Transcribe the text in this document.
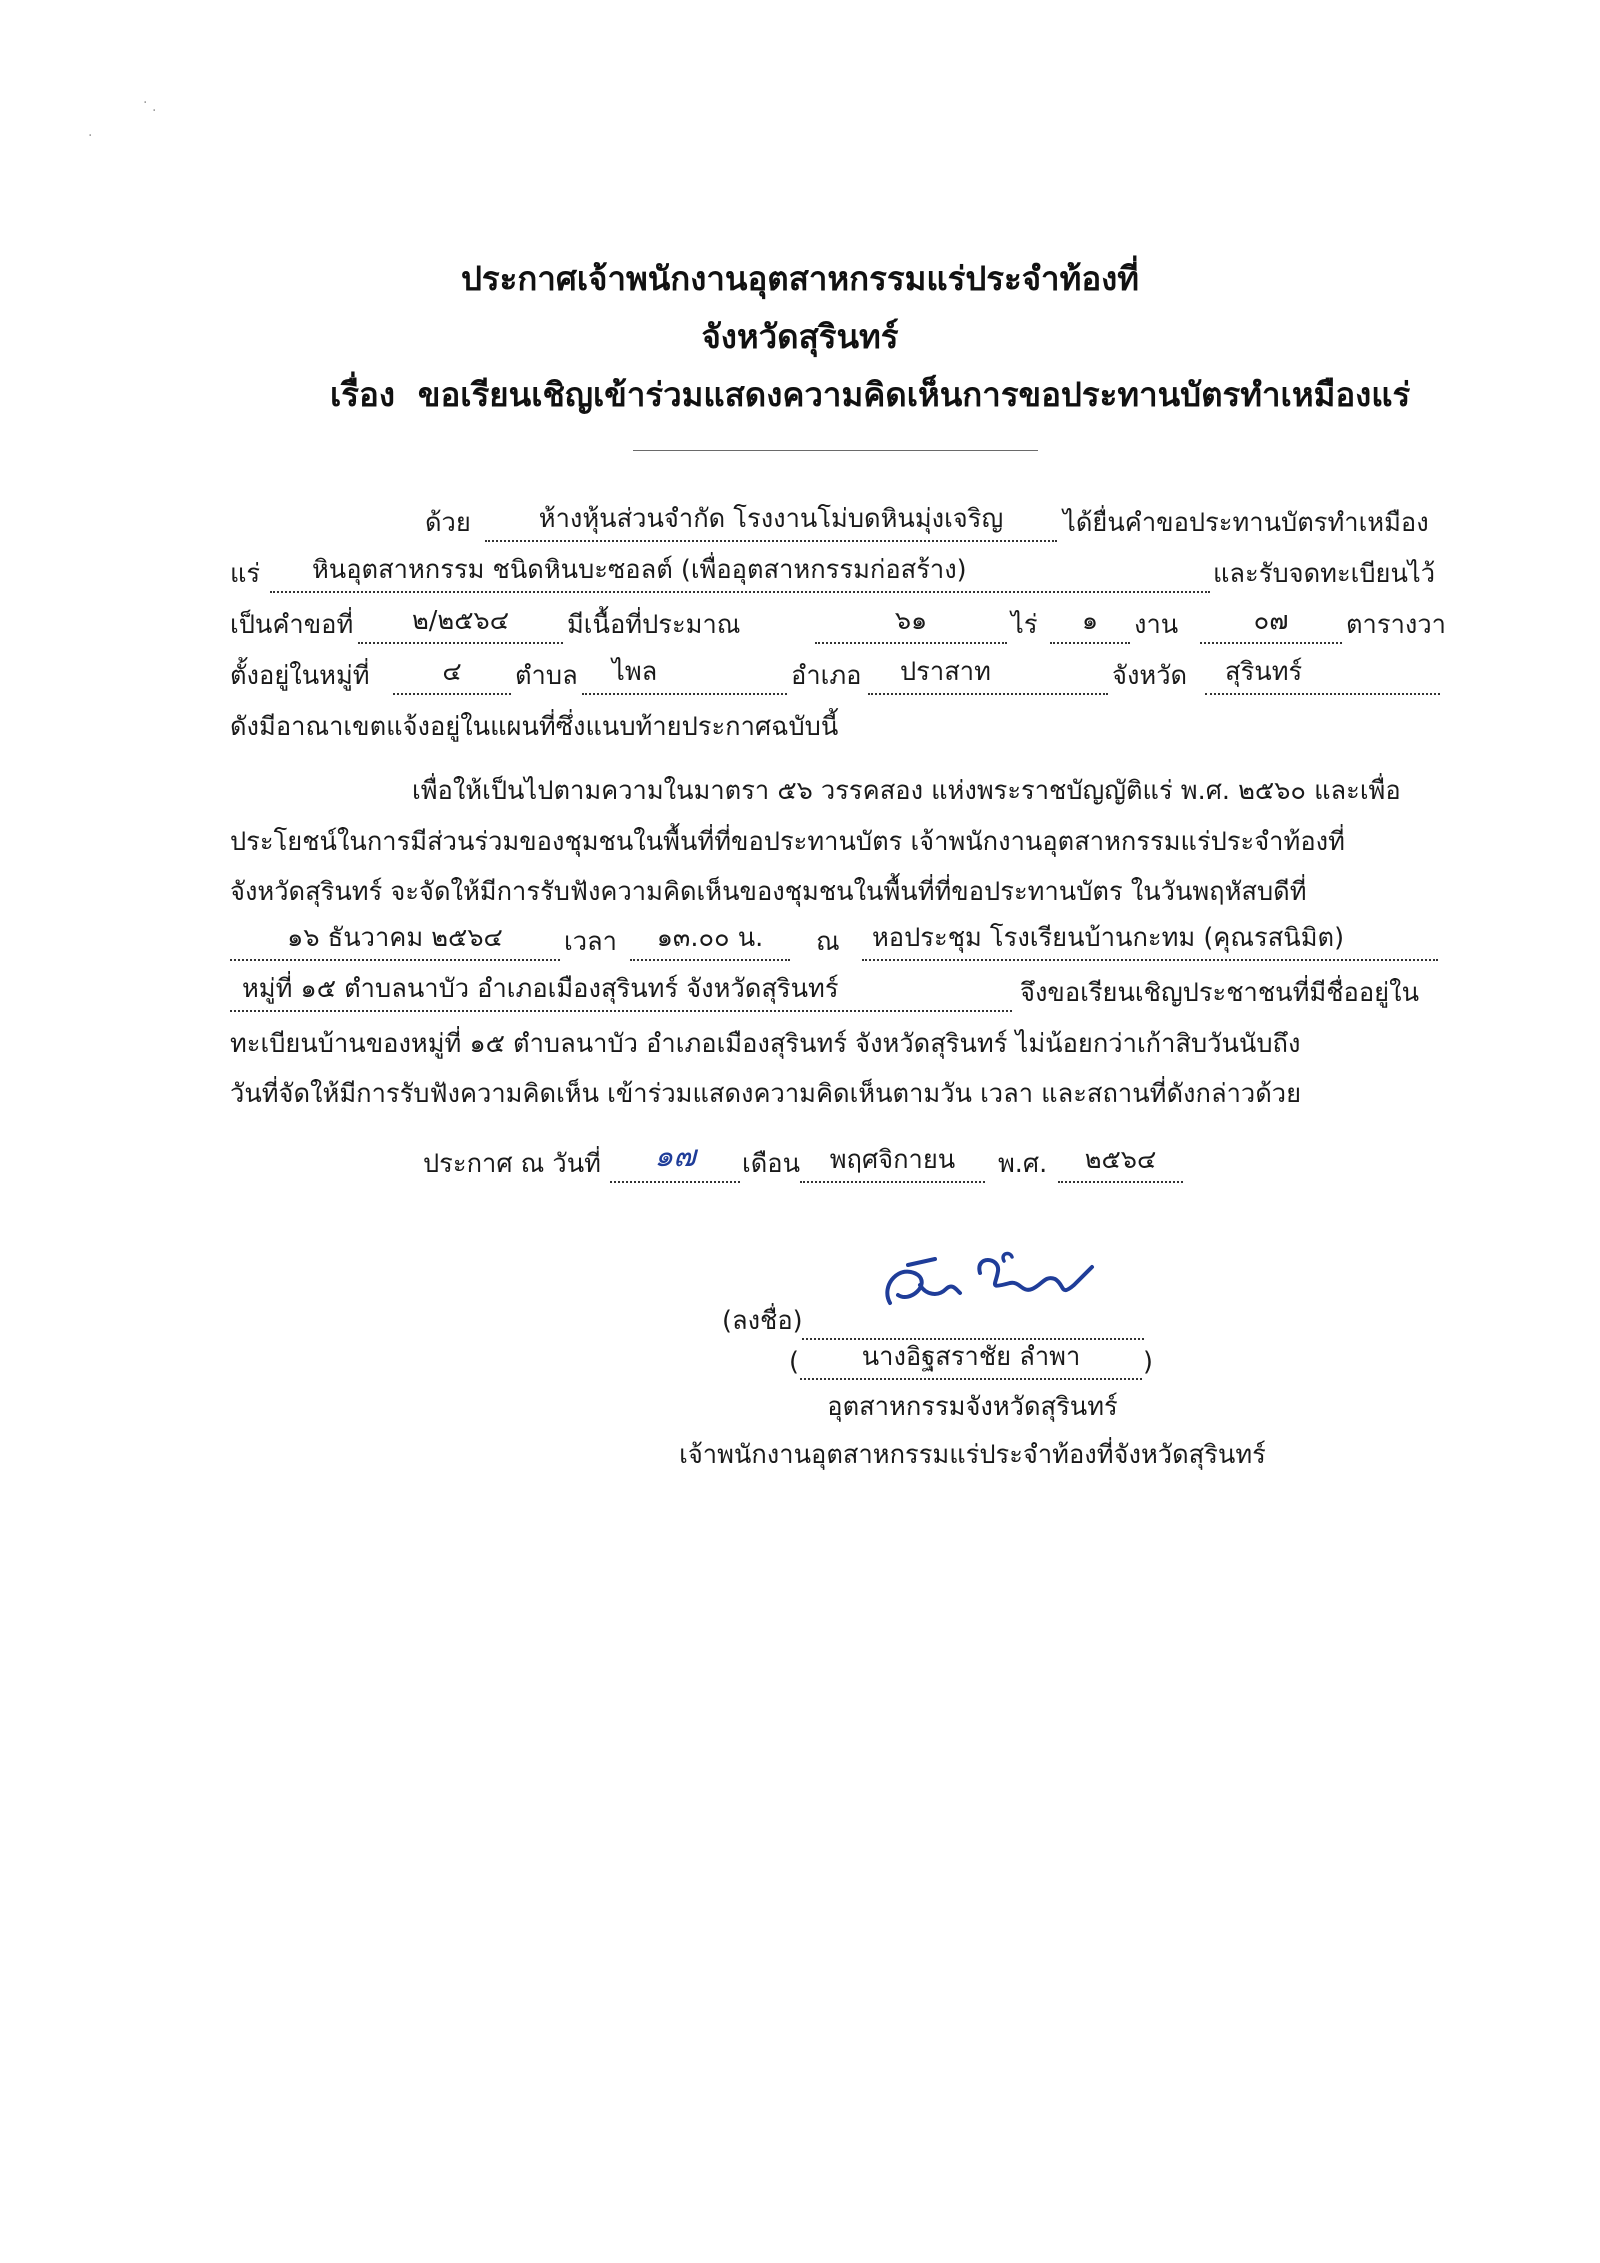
·
· ·
ประกาศเจ้าพนักงานอุตสาหกรรมแร่ประจำท้องที่
จังหวัดสุรินทร์
เรื่อง ขอเรียนเชิญเข้าร่วมแสดงความคิดเห็นการขอประทานบัตรทำเหมืองแร่
ด้วย	ห้างหุ้นส่วนจำกัด โรงงานโม่บดหินมุ่งเจริญ	ได้ยื่นคำขอประทานบัตรทำเหมือง
แร่ หินอุตสาหกรรม ชนิดหินบะซอลต์ (เพื่ออุตสาหกรรมก่อสร้าง)	และรับจดทะเบียนไว้
เป็นคำขอที่	๒/๒๕๖๔	มีเนื้อที่ประมาณ	๖๑	ไร่	๑	งาน	๐๗	ตารางวา
ตั้งอยู่ในหมู่ที่	๔	ตำบล ไพล	อำเภอ ปราสาท	จังหวัด สุรินทร์
ดังมีอาณาเขตแจ้งอยู่ในแผนที่ซึ่งแนบท้ายประกาศฉบับนี้
เพื่อให้เป็นไปตามความในมาตรา ๕๖ วรรคสอง แห่งพระราชบัญญัติแร่ พ.ศ. ๒๕๖๐ และเพื่อ
ประโยชน์ในการมีส่วนร่วมของชุมชนในพื้นที่ที่ขอประทานบัตร เจ้าพนักงานอุตสาหกรรมแร่ประจำท้องที่
จังหวัดสุรินทร์ จะจัดให้มีการรับฟังความคิดเห็นของชุมชนในพื้นที่ที่ขอประทานบัตร ในวันพฤหัสบดีที่
๑๖ ธันวาคม ๒๕๖๔	เวลา	๑๓.๐๐ น.	ณ หอประชุม โรงเรียนบ้านกะทม (คุณรสนิมิต)
หมู่ที่ ๑๕ ตำบลนาบัว อำเภอเมืองสุรินทร์ จังหวัดสุรินทร์	จึงขอเรียนเชิญประชาชนที่มีชื่ออยู่ใน
ทะเบียนบ้านของหมู่ที่ ๑๕ ตำบลนาบัว อำเภอเมืองสุรินทร์ จังหวัดสุรินทร์ ไม่น้อยกว่าเก้าสิบวันนับถึง
วันที่จัดให้มีการรับฟังความคิดเห็น เข้าร่วมแสดงความคิดเห็นตามวัน เวลา และสถานที่ดังกล่าวด้วย
ประกาศ ณ วันที่	๑๗	เดือน	พฤศจิกายน	พ.ศ.	๒๕๖๔
(ลงชื่อ)
(	นางอิฐสราชัย ลำพา	)
อุตสาหกรรมจังหวัดสุรินทร์
เจ้าพนักงานอุตสาหกรรมแร่ประจำท้องที่จังหวัดสุรินทร์
